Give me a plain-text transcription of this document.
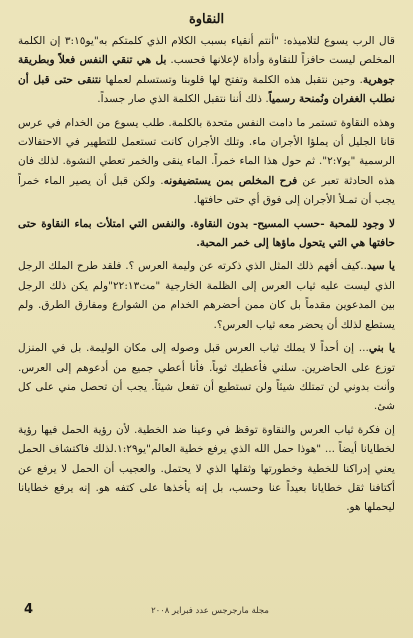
النقاوة

قال الرب يسوع لتلاميذه: "أنتم أنقياء بسبب الكلام الذي كلمتكم به"يو٣:١٥ إن الكلمة المخلص ليست حافزاً للنقاوة وأداة لإعلانها فحسب. بل هي تنقي النفس فعلاً وبطريقة جوهرية. وحين نتقبل هذه الكلمة وتفتح لها قلوبنا وتستسلم لعملها نتنقى حتى قبل أن نطلب الغفران ونُمنحة رسمياً. ذلك أننا نتقبل الكلمة الذي صار جسداً.

وهذه النقاوة تستمر ما دامت النفس متحدة بالكلمة. طلب يسوع من الخدام في عرس قانا الجليل أن يملؤا الأجران ماء. وتلك الأجران كانت تستعمل للتطهير في الاحتفالات الرسمية "يو٢:٧". ثم حول هذا الماء خمراً. الماء ينقى والخمر تعطي النشوة. لذلك فان هذه الحادثة تعبر عن فرح المخلص بمن يستضيفونه. ولكن قبل أن يصير الماء خمراً يجب أن تمـلأ الأجران إلى فوق أي حتى حافتها.

لا وجود للمحبة -حسب المسيح- بدون النقاوة. والنفس التي امتلأت بماء النقاوة حتى حافتها هي التي يتحول ماؤها إلى خمر المحبة.

يا سيد..كيف أفهم ذلك المثل الذي ذكرته عن وليمة العرس ؟. فلقد طرح الملك الرجل الذي ليست عليه ثياب العرس إلى الظلمة الخارجية "مت٢٢:١٣"ولم يكن ذلك الرجل بين المدعوين مقدماً بل كان ممن أحضرهم الخدام من الشوارع ومفارق الطرق. ولم يستطع لذلك أن يحضر معه ثياب العرس؟.

يا بني... إن أحداً لا يملك ثياب العرس قبل وصوله إلى مكان الوليمة. بل في المنزل توزع على الحاضرين. سلني فأعطيك ثوباً. فأنا أعطي جميع من أدعوهم إلى العرس. وأنت بدوني لن تمتلك شيئاً ولن تستطيع أن تفعل شيئاً. يجب أن تحصل مني على كل شئ.

إن فكرة ثياب العرس والنقاوة توقظ في وعينا ضد الخطية. لأن رؤية الحمل فيها رؤية لخطايانا أيضاً ... "هوذا حمل الله الذي يرفع خطية العالم"يو١:٢٩.لذلك فاكتشاف الحمل يعني إدراكنا للخطية وخطورتها وثقلها الذي لا يحتمل. والعجيب أن الحمل لا يرفع عن أكتافنا ثقل خطايانا بعيداً عنا وحسب، بل إنه يأخذها على كتفه هو. إنه يرفع خطايانا ليحملها هو.

4	مجلة مارجرجس عدد فبراير ٢٠٠٨
